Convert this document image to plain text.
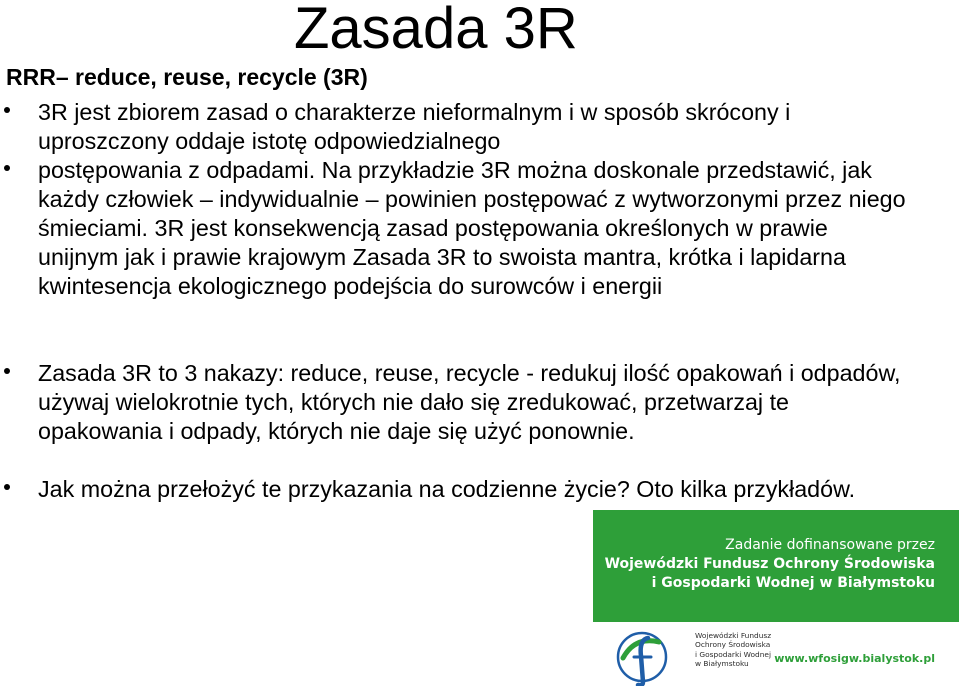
Zasada 3R
RRR– reduce, reuse, recycle (3R)

3R jest zbiorem zasad o charakterze nieformalnym i w sposób skrócony i uproszczony oddaje istotę odpowiedzialnego

postępowania z odpadami. Na przykładzie 3R można doskonale przedstawić, jak każdy człowiek – indywidualnie – powinien postępować z wytworzonymi przez niego śmieciami. 3R jest konsekwencją zasad postępowania określonych w prawie unijnym jak i prawie krajowym Zasada 3R to swoista mantra, krótka i lapidarna kwintesencja ekologicznego podejścia do surowców i energii

Zasada 3R to 3 nakazy: reduce, reuse, recycle - redukuj ilość opakowań i odpadów, używaj wielokrotnie tych, których nie dało się zredukować, przetwarzaj te opakowania i odpady, których nie daje się użyć ponownie.

Jak można przełożyć te przykazania na codzienne życie? Oto kilka przykładów.

Zadanie dofinansowane przez
Wojewódzki Fundusz Ochrony Środowiska
i Gospodarki Wodnej w Białymstoku
Wojewódzki Fundusz
Ochrony Środowiska
i Gospodarki Wodnej
w Białymstoku	www.wfosigw.bialystok.pl
